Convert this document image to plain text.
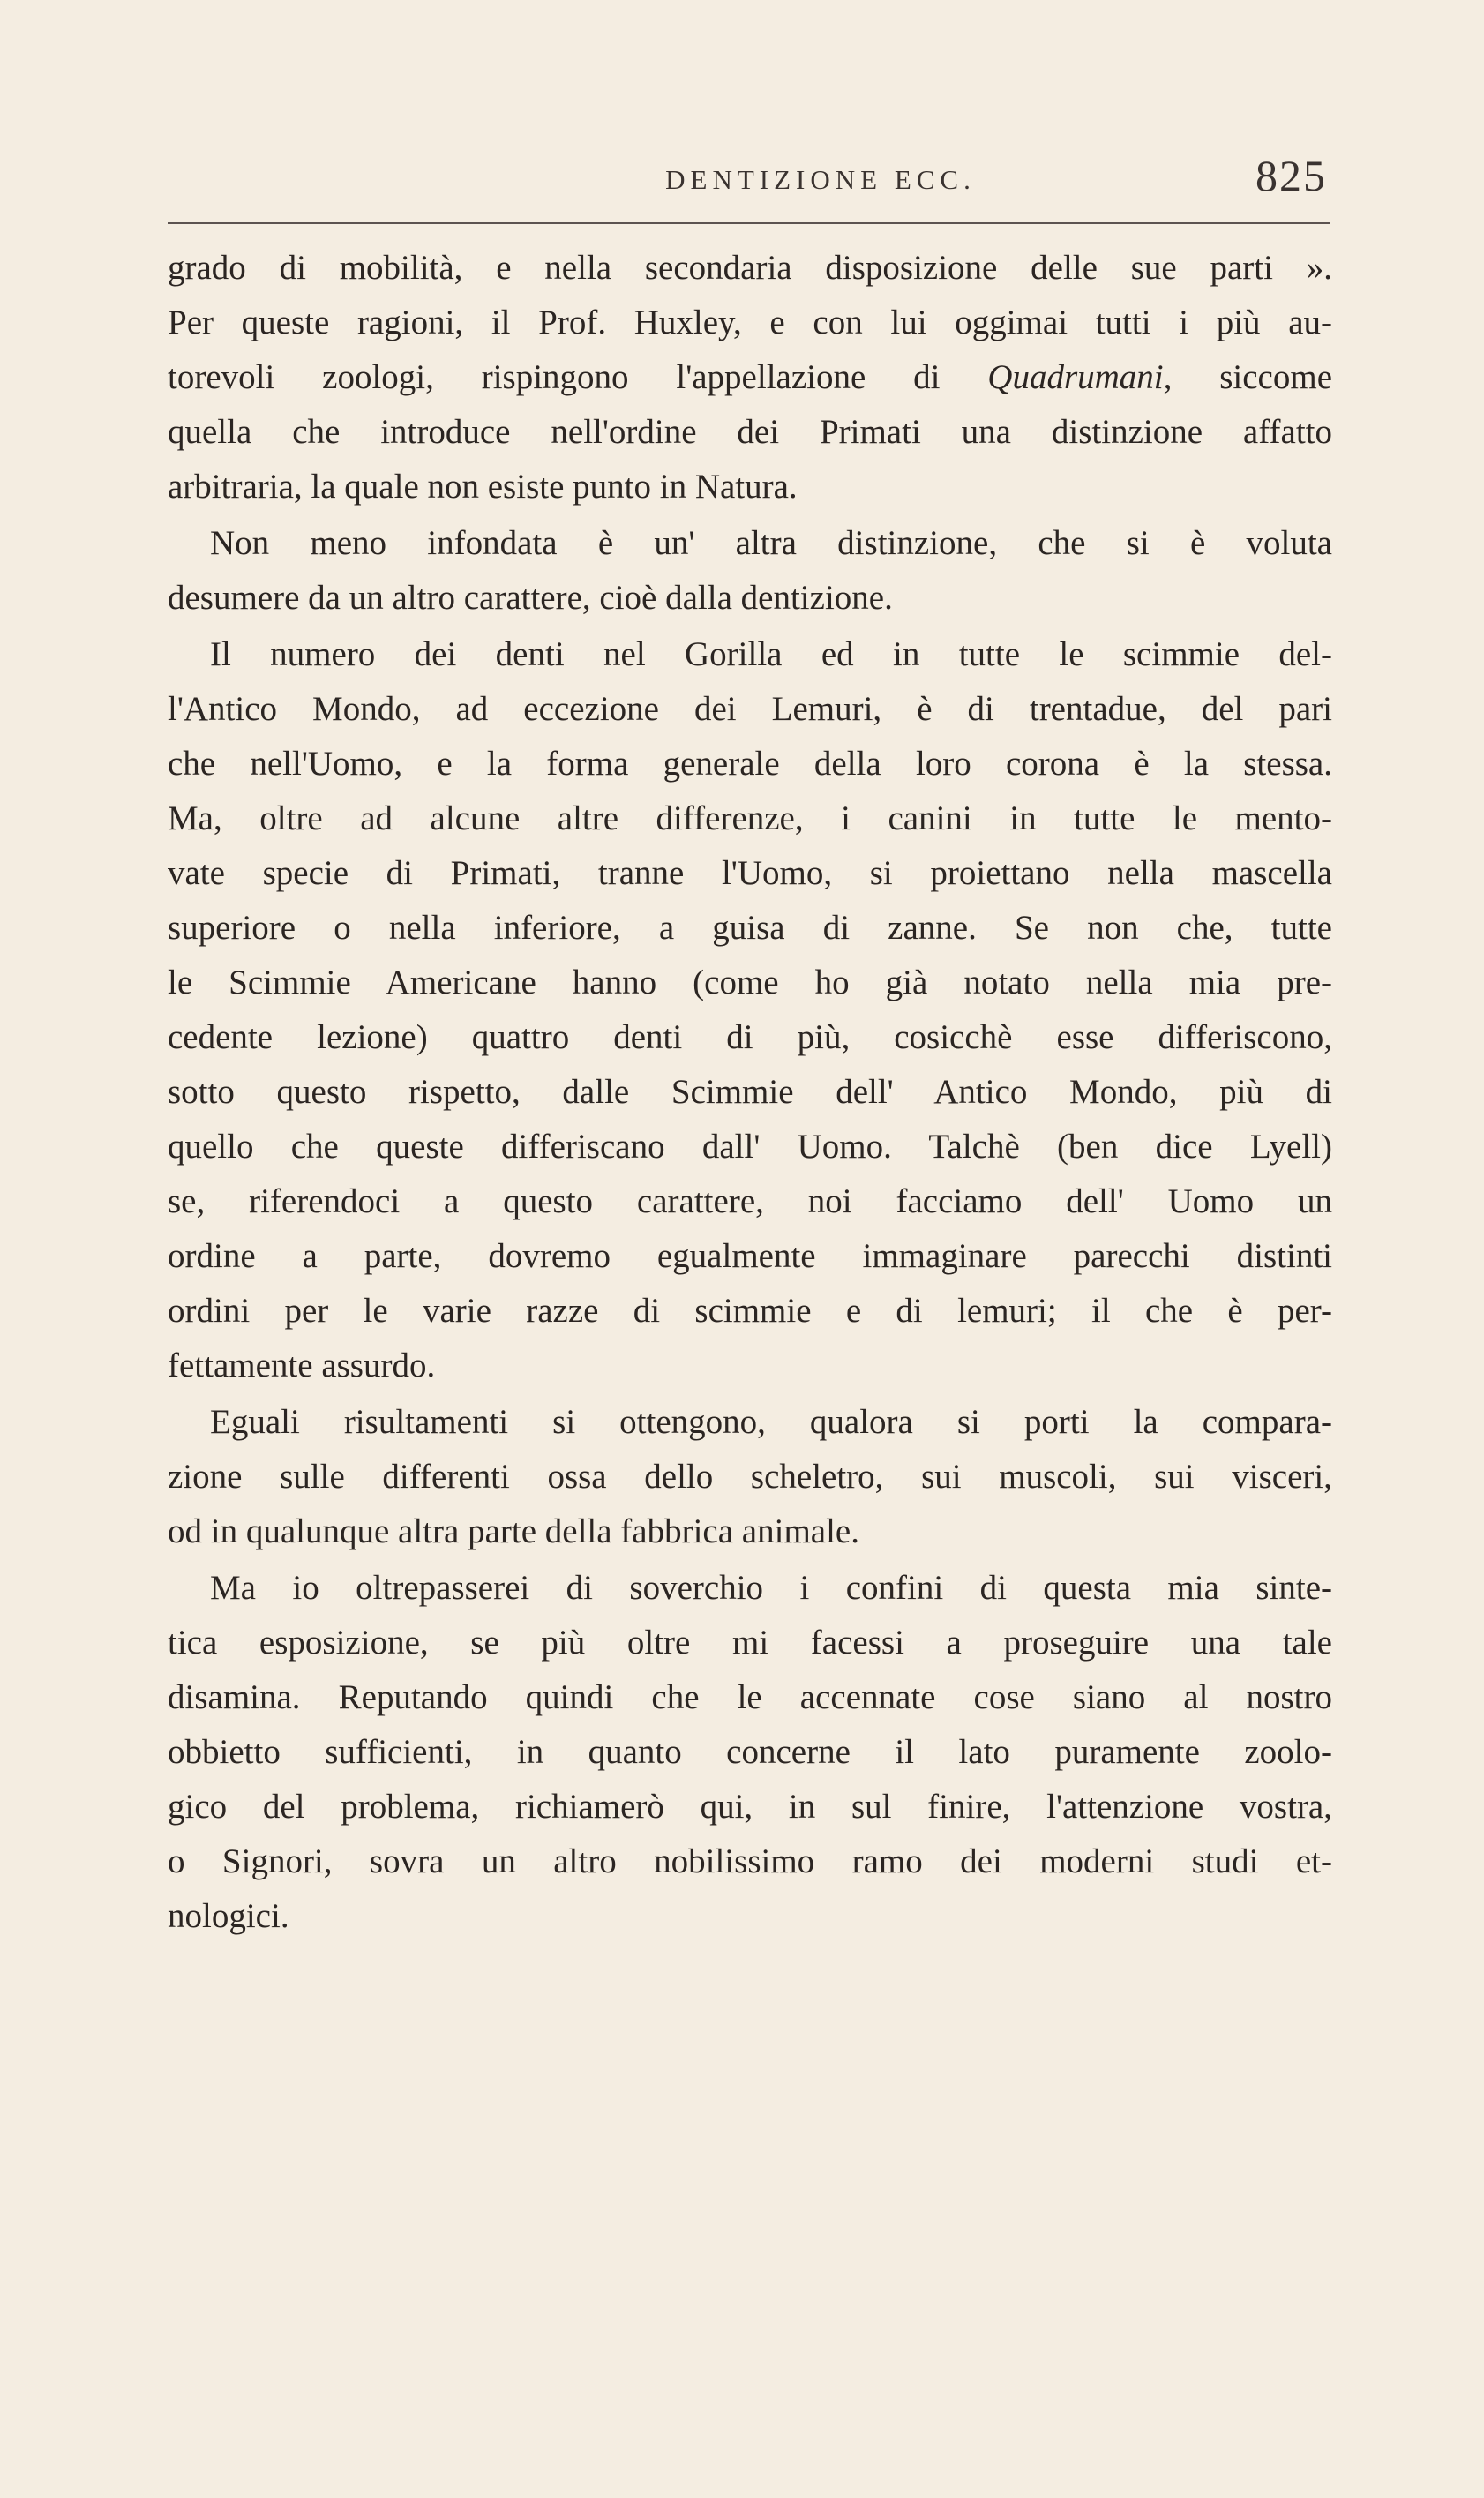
DENTIZIONE ECC.	825
grado di mobilità, e nella secondaria disposizione delle sue parti ».
Per queste ragioni, il Prof. Huxley, e con lui oggimai tutti i più au-
torevoli zoologi, rispingono l'appellazione di Quadrumani, siccome
quella che introduce nell'ordine dei Primati una distinzione affatto
arbitraria, la quale non esiste punto in Natura.
Non meno infondata è un' altra distinzione, che si è voluta
desumere da un altro carattere, cioè dalla dentizione.
Il numero dei denti nel Gorilla ed in tutte le scimmie del-
l'Antico Mondo, ad eccezione dei Lemuri, è di trentadue, del pari
che nell'Uomo, e la forma generale della loro corona è la stessa.
Ma, oltre ad alcune altre differenze, i canini in tutte le mento-
vate specie di Primati, tranne l'Uomo, si proiettano nella mascella
superiore o nella inferiore, a guisa di zanne. Se non che, tutte
le Scimmie Americane hanno (come ho già notato nella mia pre-
cedente lezione) quattro denti di più, cosicchè esse differiscono,
sotto questo rispetto, dalle Scimmie dell' Antico Mondo, più di
quello che queste differiscano dall' Uomo. Talchè (ben dice Lyell)
se, riferendoci a questo carattere, noi facciamo dell' Uomo un
ordine a parte, dovremo egualmente immaginare parecchi distinti
ordini per le varie razze di scimmie e di lemuri; il che è per-
fettamente assurdo.
Eguali risultamenti si ottengono, qualora si porti la compara-
zione sulle differenti ossa dello scheletro, sui muscoli, sui visceri,
od in qualunque altra parte della fabbrica animale.
Ma io oltrepasserei di soverchio i confini di questa mia sinte-
tica esposizione, se più oltre mi facessi a proseguire una tale
disamina. Reputando quindi che le accennate cose siano al nostro
obbietto sufficienti, in quanto concerne il lato puramente zoolo-
gico del problema, richiamerò qui, in sul finire, l'attenzione vostra,
o Signori, sovra un altro nobilissimo ramo dei moderni studi et-
nologici.
